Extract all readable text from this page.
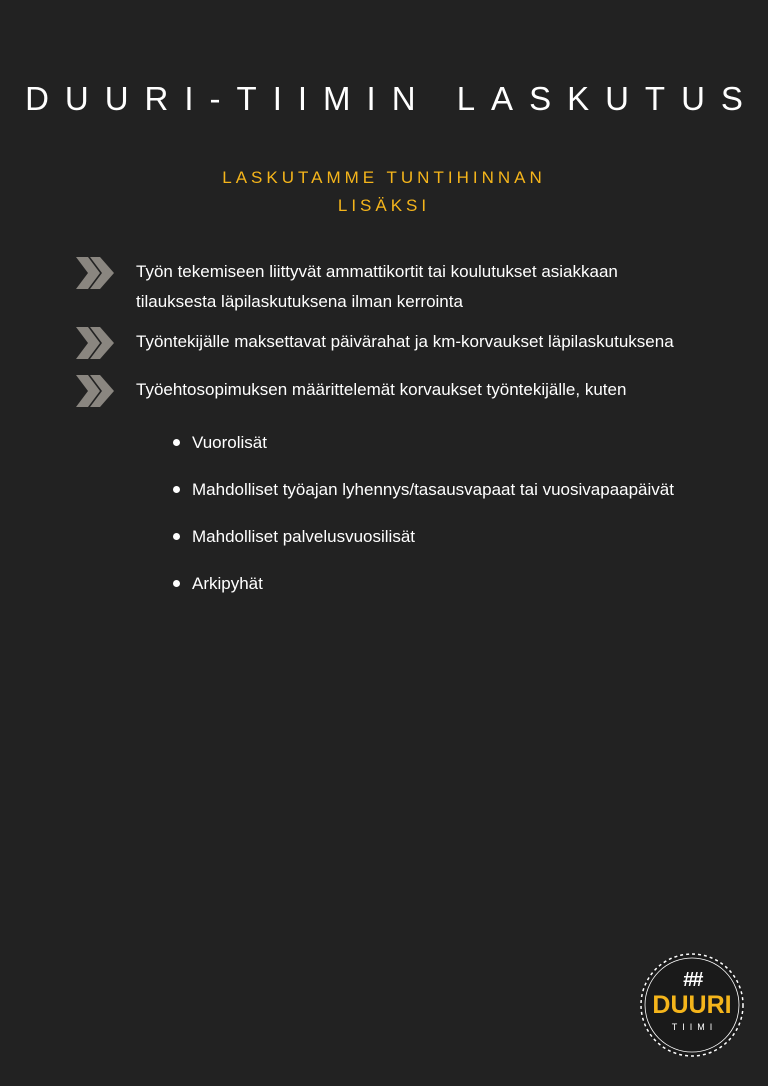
DUURI-TIIMIN LASKUTUS
LASKUTAMME TUNTIHINNAN
LISÄKSI
Työn tekemiseen liittyvät ammattikortit tai koulutukset asiakkaan tilauksesta läpilaskutuksena ilman kerrointa
Työntekijälle maksettavat päivärahat ja km-korvaukset läpilaskutuksena
Työehtosopimuksen määrittelemät korvaukset työntekijälle, kuten
Vuorolisät
Mahdolliset työajan lyhennys/tasausvapaat tai vuosivapaapäivät
Mahdolliset palvelusvuosilisät
Arkipyhät
##
DUURI
TIIMI
